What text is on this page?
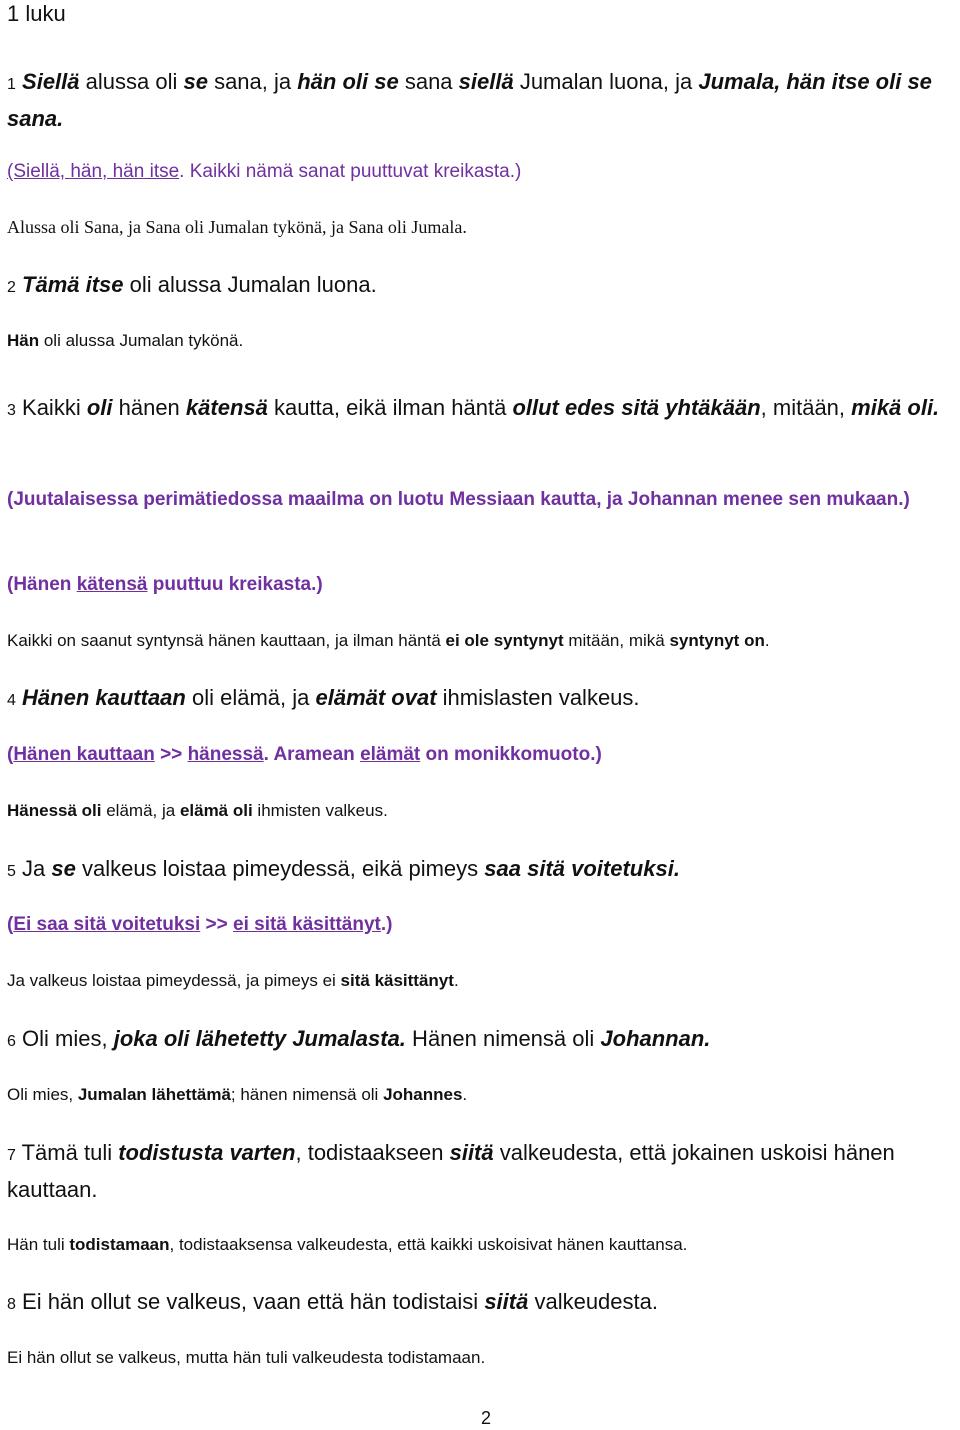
1 luku

1 Siellä alussa oli se sana, ja hän oli se sana siellä Jumalan luona, ja Jumala, hän itse oli se sana.

(Siellä, hän, hän itse. Kaikki nämä sanat puuttuvat kreikasta.)

Alussa oli Sana, ja Sana oli Jumalan tykönä, ja Sana oli Jumala.

2 Tämä itse oli alussa Jumalan luona.

Hän oli alussa Jumalan tykönä.

3 Kaikki oli hänen kätensä kautta, eikä ilman häntä ollut edes sitä yhtäkään, mitään, mikä oli.

(Juutalaisessa perimätiedossa maailma on luotu Messiaan kautta, ja Johannan menee sen mukaan.)

(Hänen kätensä puuttuu kreikasta.)

Kaikki on saanut syntynsä hänen kauttaan, ja ilman häntä ei ole syntynyt mitään, mikä syntynyt on.

4 Hänen kauttaan oli elämä, ja elämät ovat ihmislasten valkeus.

(Hänen kauttaan >> hänessä. Aramean elämät on monikkomuoto.)

Hänessä oli elämä, ja elämä oli ihmisten valkeus.

5 Ja se valkeus loistaa pimeydessä, eikä pimeys saa sitä voitetuksi.

(Ei saa sitä voitetuksi >> ei sitä käsittänyt.)

Ja valkeus loistaa pimeydessä, ja pimeys ei sitä käsittänyt.

6 Oli mies, joka oli lähetetty Jumalasta. Hänen nimensä oli Johannan.

Oli mies, Jumalan lähettämä; hänen nimensä oli Johannes.

7 Tämä tuli todistusta varten, todistaakseen siitä valkeudesta, että jokainen uskoisi hänen kauttaan.

Hän tuli todistamaan, todistaaksensa valkeudesta, että kaikki uskoisivat hänen kauttansa.

8 Ei hän ollut se valkeus, vaan että hän todistaisi siitä valkeudesta.

Ei hän ollut se valkeus, mutta hän tuli valkeudesta todistamaan.

2
